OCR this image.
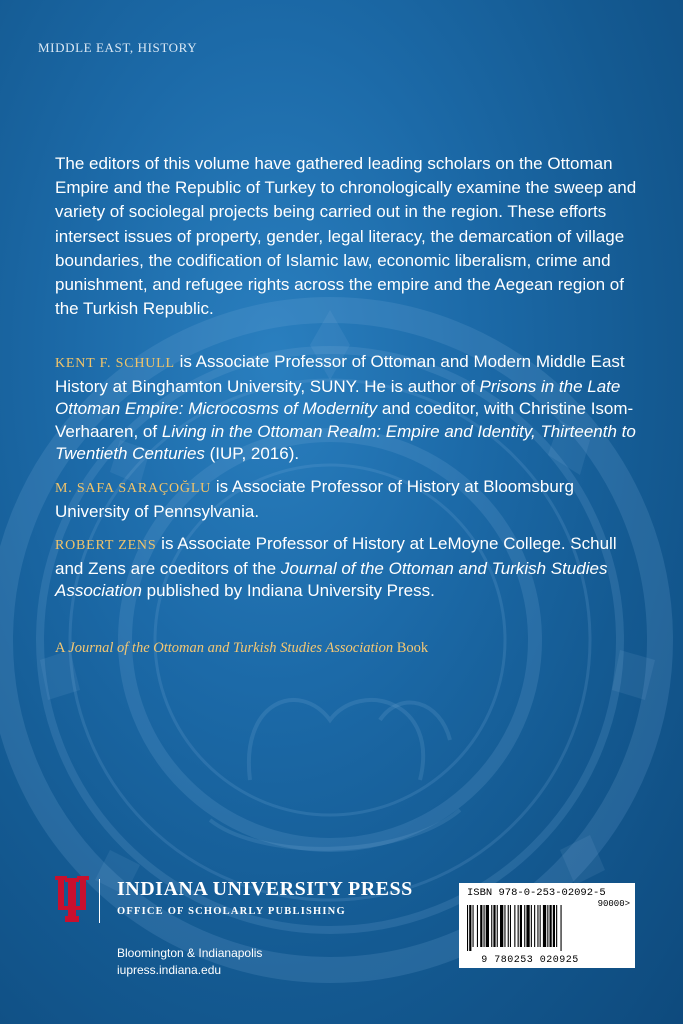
MIDDLE EAST, HISTORY

The editors of this volume have gathered leading scholars on the Ottoman Empire and the Republic of Turkey to chronologically examine the sweep and variety of sociolegal projects being carried out in the region. These efforts intersect issues of property, gender, legal literacy, the demarcation of village boundaries, the codification of Islamic law, economic liberalism, crime and punishment, and refugee rights across the empire and the Aegean region of the Turkish Republic.

KENT F. SCHULL is Associate Professor of Ottoman and Modern Middle East History at Binghamton University, SUNY. He is author of Prisons in the Late Ottoman Empire: Microcosms of Modernity and coeditor, with Christine Isom-Verhaaren, of Living in the Ottoman Realm: Empire and Identity, Thirteenth to Twentieth Centuries (IUP, 2016).

M. SAFA SARAÇOĞLU is Associate Professor of History at Bloomsburg University of Pennsylvania.

ROBERT ZENS is Associate Professor of History at LeMoyne College. Schull and Zens are coeditors of the Journal of the Ottoman and Turkish Studies Association published by Indiana University Press.

A Journal of the Ottoman and Turkish Studies Association Book
INDIANA UNIVERSITY PRESS
OFFICE OF SCHOLARLY PUBLISHING
Bloomington & Indianapolis
iupress.indiana.edu
ISBN 978-0-253-02092-5
90000>
9 780253 020925
